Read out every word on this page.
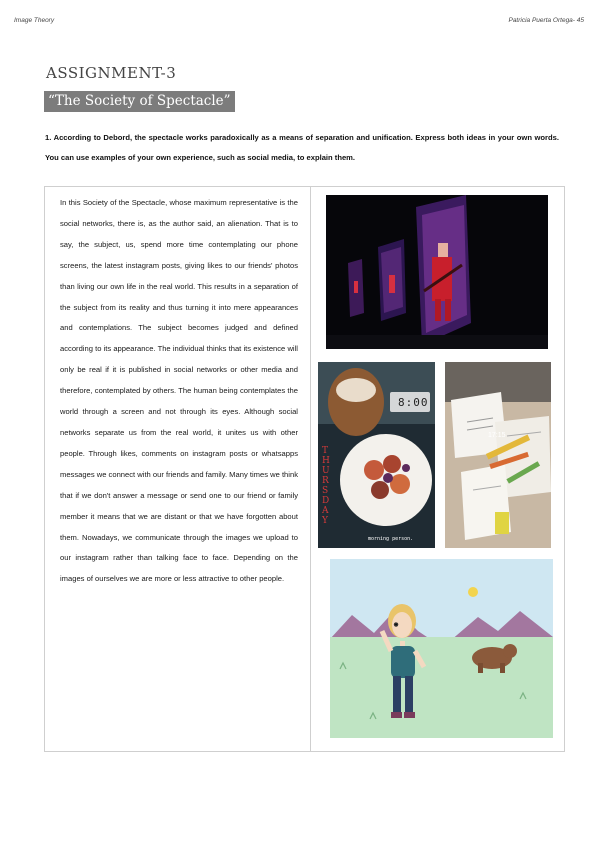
Image Theory	Patricia Puerta Ortega- 45
ASSIGNMENT-3
“The Society of Spectacle”
1. According to Debord, the spectacle works paradoxically as a means of separation and unification. Express both ideas in your own words. You can use examples of your own experience, such as social media, to explain them.
In this Society of the Spectacle, whose maximum representative is the social networks, there is, as the author said, an alienation. That is to say, the subject, us, spend more time contemplating our phone screens, the latest instagram posts, giving likes to our friends' photos than living our own life in the real world. This results in a separation of the subject from its reality and thus turning it into mere appearances and contemplations. The subject becomes judged and defined according to its appearance. The individual thinks that its existence will only be real if it is published in social networks or other media and therefore, contemplated by others. The human being contemplates the world through a screen and not through its eyes. Although social networks separate us from the real world, it unites us with other people. Through likes, comments on instagram posts or whatsapps messages we connect with our friends and family. Many times we think that if we don't answer a message or send one to our friend or family member it means that we are distant or that we have forgotten about them. Nowadays, we communicate through the images we upload to our instagram rather than talking face to face. Depending on the images of ourselves we are more or less attractive to other people.
8:00
THURSDAY
morning person.
17:15
